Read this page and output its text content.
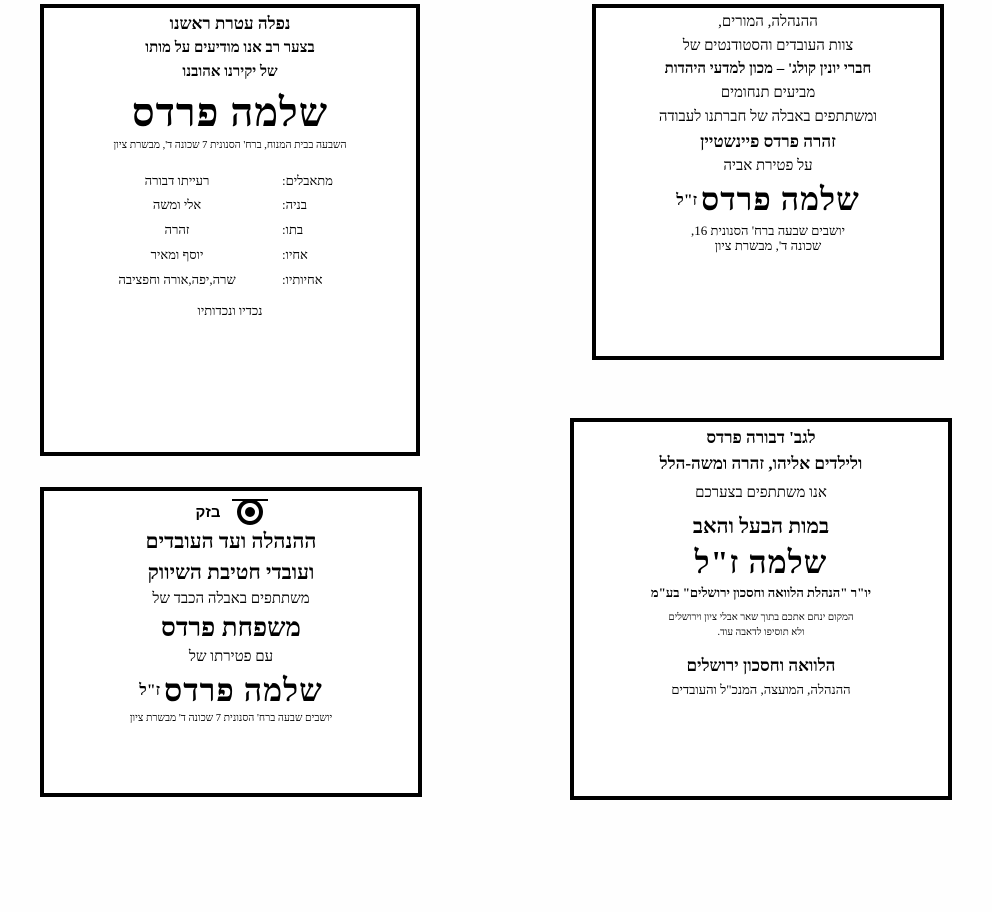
נפלה עטרת ראשנו
בצער רב אנו מודיעים על מותו
של יקירנו אהובנו
שלמה פרדס
השבעה בבית המנוח, ברח' הסנונית 7 שכונה ד', מבשרת ציון
מתאבלים:
רעייתו דבורה
בניה:
אלי ומשה
בתו:
זהרה
אחיו:
יוסף ומאיר
אחיותיו:
שרה,יפה,אורה וחפציבה
נכדיו ונכדותיו
בזק
ההנהלה ועד העובדים
ועובדי חטיבת השיווק
משתתפים באבלה הכבד של
משפחת פרדס
עם פטירתו של
שלמה פרדסז"ל
יושבים שבעה ברח' הסנונית 7 שכונה ד' מבשרת ציון
ההנהלה, המורים,
צוות העובדים והסטודנטים של
חברי יונין קולג' – מכון למדעי היהדות
מביעים תנחומים
ומשתתפים באבלה של חברתנו לעבודה
זהרה פרדס פיינשטיין
על פטירת אביה
שלמה פרדסז"ל
יושבים שבעה ברח' הסנונית 16,
שכונה ד', מבשרת ציון
לגב' דבורה פרדס
ולילדים אליהו, זהרה ומשה-הלל
אנו משתתפים בצערכם
במות הבעל והאב
שלמה ז"ל
יו"ר "הנהלת הלוואה וחסכון ירושלים" בע"מ
המקום ינחם אתכם בתוך שאר אבלי ציון וירושלים
ולא תוסיפו לדאבה עוד.
הלוואה וחסכון ירושלים
ההנהלה, המועצה, המנכ"ל והעובדים
